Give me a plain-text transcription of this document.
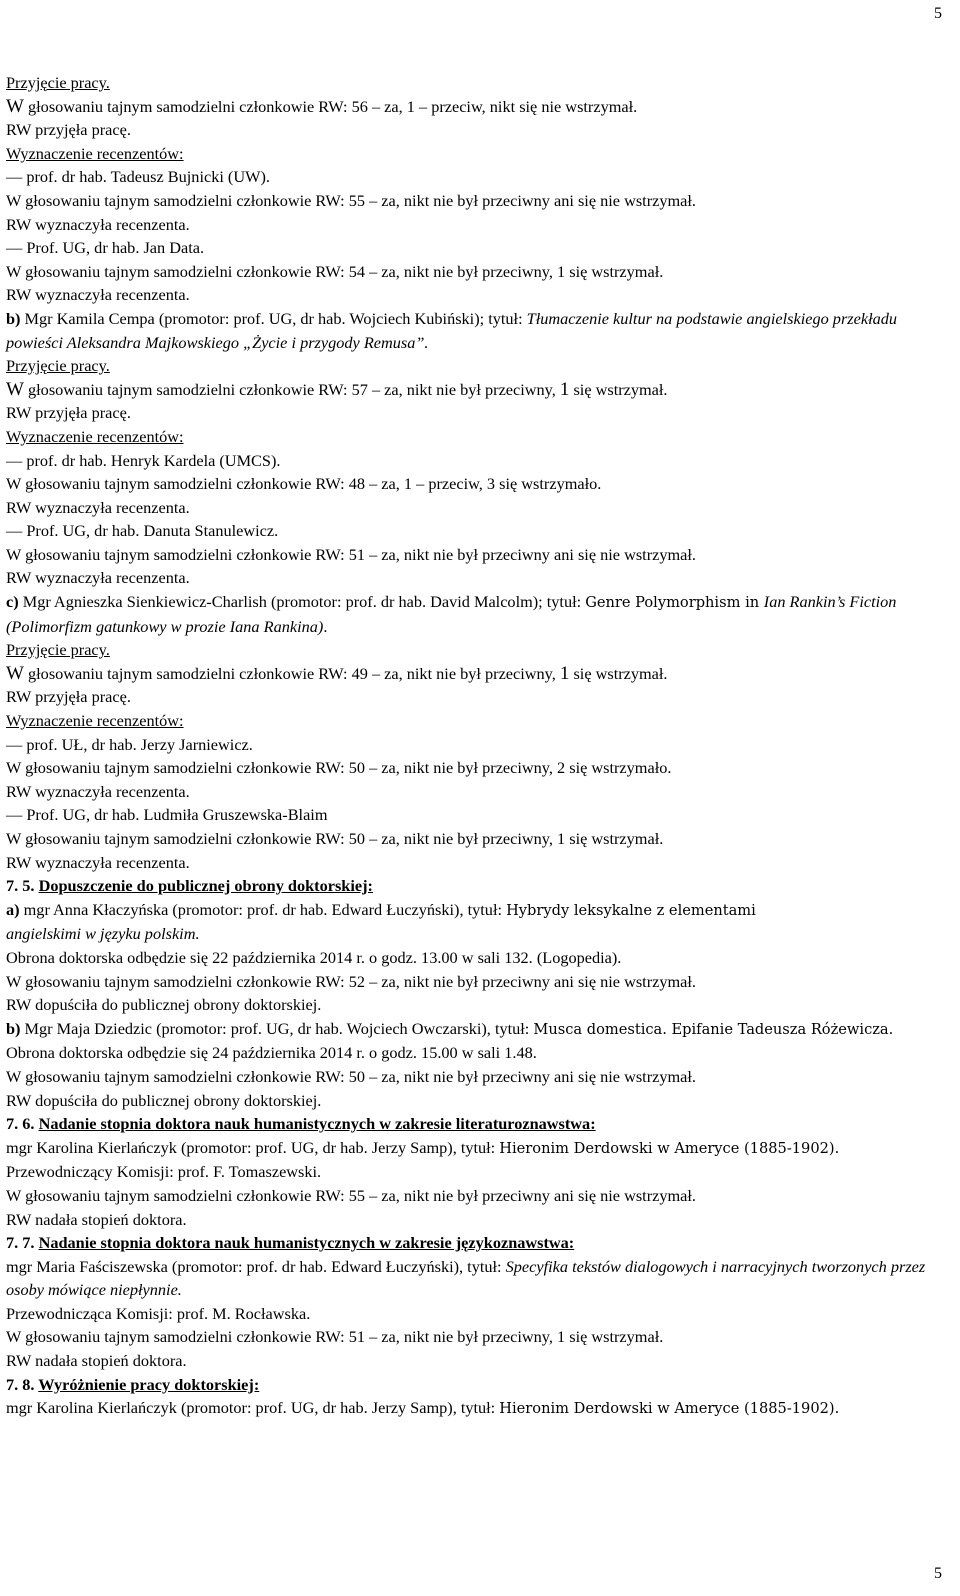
5
Przyjęcie pracy.
W głosowaniu tajnym samodzielni członkowie RW: 56 – za, 1 – przeciw, nikt się nie wstrzymał.
RW przyjęła pracę.
Wyznaczenie recenzentów:
— prof. dr hab. Tadeusz Bujnicki (UW).
W głosowaniu tajnym samodzielni członkowie RW: 55 – za, nikt nie był przeciwny ani się nie wstrzymał.
RW wyznaczyła recenzenta.
— Prof. UG, dr hab. Jan Data.
W głosowaniu tajnym samodzielni członkowie RW: 54 – za, nikt nie był przeciwny, 1 się wstrzymał.
RW wyznaczyła recenzenta.
b) Mgr Kamila Cempa (promotor: prof. UG, dr hab. Wojciech Kubiński); tytuł: Tłumaczenie kultur na podstawie angielskiego przekładu powieści Aleksandra Majkowskiego „Życie i przygody Remusa”.
Przyjęcie pracy.
W głosowaniu tajnym samodzielni członkowie RW: 57 – za, nikt nie był przeciwny, 1 się wstrzymał.
RW przyjęła pracę.
Wyznaczenie recenzentów:
— prof. dr hab. Henryk Kardela (UMCS).
W głosowaniu tajnym samodzielni członkowie RW: 48 – za, 1 – przeciw, 3 się wstrzymało.
RW wyznaczyła recenzenta.
— Prof. UG, dr hab. Danuta Stanulewicz.
W głosowaniu tajnym samodzielni członkowie RW: 51 – za, nikt nie był przeciwny ani się nie wstrzymał.
RW wyznaczyła recenzenta.
c) Mgr Agnieszka Sienkiewicz-Charlish (promotor: prof. dr hab. David Malcolm); tytuł: Genre Polymorphism in Ian Rankin’s Fiction (Polimorfizm gatunkowy w prozie Iana Rankina).
Przyjęcie pracy.
W głosowaniu tajnym samodzielni członkowie RW: 49 – za, nikt nie był przeciwny, 1 się wstrzymał.
RW przyjęła pracę.
Wyznaczenie recenzentów:
— prof. UŁ, dr hab. Jerzy Jarniewicz.
W głosowaniu tajnym samodzielni członkowie RW: 50 – za, nikt nie był przeciwny, 2 się wstrzymało.
RW wyznaczyła recenzenta.
— Prof. UG, dr hab. Ludmiła Gruszewska-Blaim
W głosowaniu tajnym samodzielni członkowie RW: 50 – za, nikt nie był przeciwny, 1 się wstrzymał.
RW wyznaczyła recenzenta.
7. 5. Dopuszczenie do publicznej obrony doktorskiej:
a) mgr Anna Kłaczyńska (promotor: prof. dr hab. Edward Łuczyński), tytuł: Hybrydy leksykalne z elementami
angielskimi w języku polskim.
Obrona doktorska odbędzie się 22 października 2014 r. o godz. 13.00 w sali 132. (Logopedia).
W głosowaniu tajnym samodzielni członkowie RW: 52 – za, nikt nie był przeciwny ani się nie wstrzymał.
RW dopuściła do publicznej obrony doktorskiej.
b) Mgr Maja Dziedzic (promotor: prof. UG, dr hab. Wojciech Owczarski), tytuł: Musca domestica. Epifanie Tadeusza Różewicza.
Obrona doktorska odbędzie się 24 października 2014 r. o godz. 15.00 w sali 1.48.
W głosowaniu tajnym samodzielni członkowie RW: 50 – za, nikt nie był przeciwny ani się nie wstrzymał.
RW dopuściła do publicznej obrony doktorskiej.
7. 6. Nadanie stopnia doktora nauk humanistycznych w zakresie literaturoznawstwa:
mgr Karolina Kierlańczyk (promotor: prof. UG, dr hab. Jerzy Samp), tytuł: Hieronim Derdowski w Ameryce (1885-1902).
Przewodniczący Komisji: prof. F. Tomaszewski.
W głosowaniu tajnym samodzielni członkowie RW: 55 – za, nikt nie był przeciwny ani się nie wstrzymał.
RW nadała stopień doktora.
7. 7. Nadanie stopnia doktora nauk humanistycznych w zakresie językoznawstwa:
mgr Maria Faściszewska (promotor: prof. dr hab. Edward Łuczyński), tytuł: Specyfika tekstów dialogowych i narracyjnych tworzonych przez osoby mówiące niepłynnie.
Przewodnicząca Komisji: prof. M. Rocławska.
W głosowaniu tajnym samodzielni członkowie RW: 51 – za, nikt nie był przeciwny, 1 się wstrzymał.
RW nadała stopień doktora.
7. 8. Wyróżnienie pracy doktorskiej:
mgr Karolina Kierlańczyk (promotor: prof. UG, dr hab. Jerzy Samp), tytuł: Hieronim Derdowski w Ameryce (1885-1902).
5
